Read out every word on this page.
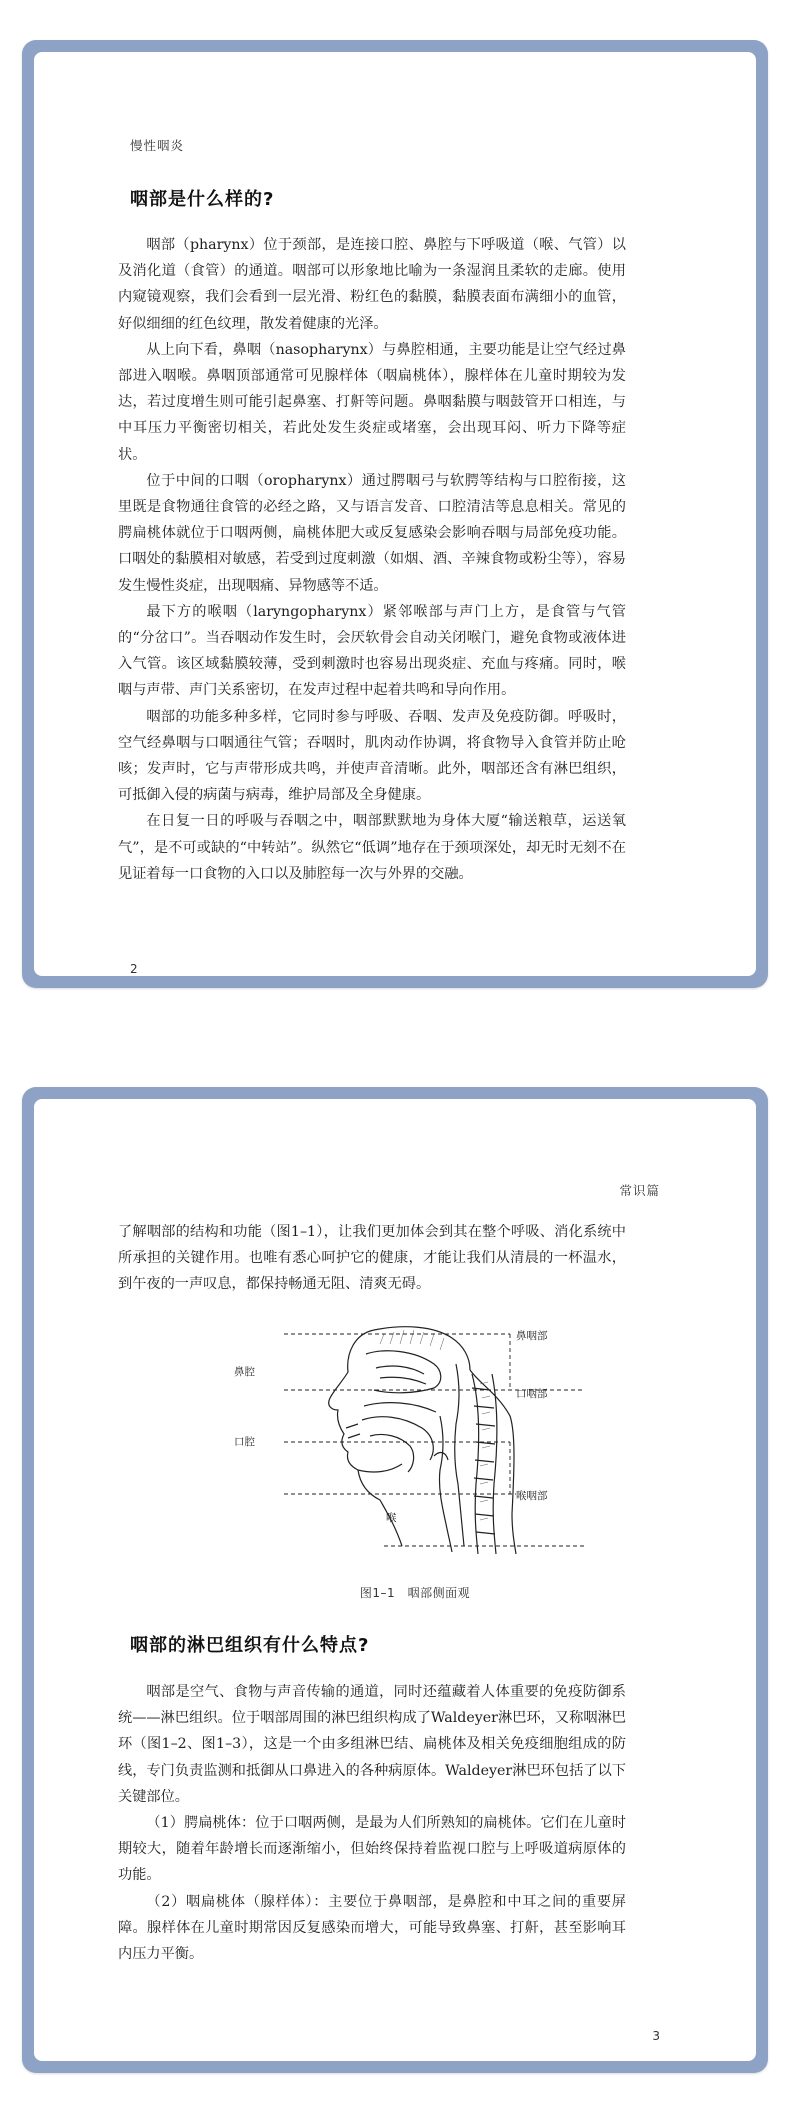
慢性咽炎
咽部是什么样的?

咽部（pharynx）位于颈部，是连接口腔、鼻腔与下呼吸道（喉、气管）以及消化道（食管）的通道。咽部可以形象地比喻为一条湿润且柔软的走廊。使用内窥镜观察，我们会看到一层光滑、粉红色的黏膜，黏膜表面布满细小的血管，好似细细的红色纹理，散发着健康的光泽。

从上向下看，鼻咽（nasopharynx）与鼻腔相通，主要功能是让空气经过鼻部进入咽喉。鼻咽顶部通常可见腺样体（咽扁桃体），腺样体在儿童时期较为发达，若过度增生则可能引起鼻塞、打鼾等问题。鼻咽黏膜与咽鼓管开口相连，与中耳压力平衡密切相关，若此处发生炎症或堵塞，会出现耳闷、听力下降等症状。

位于中间的口咽（oropharynx）通过腭咽弓与软腭等结构与口腔衔接，这里既是食物通往食管的必经之路，又与语言发音、口腔清洁等息息相关。常见的腭扁桃体就位于口咽两侧，扁桃体肥大或反复感染会影响吞咽与局部免疫功能。口咽处的黏膜相对敏感，若受到过度刺激（如烟、酒、辛辣食物或粉尘等），容易发生慢性炎症，出现咽痛、异物感等不适。

最下方的喉咽（laryngopharynx）紧邻喉部与声门上方，是食管与气管的“分岔口”。当吞咽动作发生时，会厌软骨会自动关闭喉门，避免食物或液体进入气管。该区域黏膜较薄，受到刺激时也容易出现炎症、充血与疼痛。同时，喉咽与声带、声门关系密切，在发声过程中起着共鸣和导向作用。

咽部的功能多种多样，它同时参与呼吸、吞咽、发声及免疫防御。呼吸时，空气经鼻咽与口咽通往气管；吞咽时，肌肉动作协调，将食物导入食管并防止呛咳；发声时，它与声带形成共鸣，并使声音清晰。此外，咽部还含有淋巴组织，可抵御入侵的病菌与病毒，维护局部及全身健康。

在日复一日的呼吸与吞咽之中，咽部默默地为身体大厦“输送粮草，运送氧气”，是不可或缺的“中转站”。纵然它“低调”地存在于颈项深处，却无时无刻不在见证着每一口食物的入口以及肺腔每一次与外界的交融。

2
常识篇

了解咽部的结构和功能（图1–1），让我们更加体会到其在整个呼吸、消化系统中所承担的关键作用。也唯有悉心呵护它的健康，才能让我们从清晨的一杯温水，到午夜的一声叹息，都保持畅通无阻、清爽无碍。

鼻咽部
鼻腔
口咽部
口腔
喉咽部
喉
图1–1　咽部侧面观
咽部的淋巴组织有什么特点?

咽部是空气、食物与声音传输的通道，同时还蕴藏着人体重要的免疫防御系统——淋巴组织。位于咽部周围的淋巴组织构成了Waldeyer淋巴环，又称咽淋巴环（图1–2、图1–3），这是一个由多组淋巴结、扁桃体及相关免疫细胞组成的防线，专门负责监测和抵御从口鼻进入的各种病原体。Waldeyer淋巴环包括了以下关键部位。

（1）腭扁桃体：位于口咽两侧，是最为人们所熟知的扁桃体。它们在儿童时期较大，随着年龄增长而逐渐缩小，但始终保持着监视口腔与上呼吸道病原体的功能。

（2）咽扁桃体（腺样体）：主要位于鼻咽部，是鼻腔和中耳之间的重要屏障。腺样体在儿童时期常因反复感染而增大，可能导致鼻塞、打鼾，甚至影响耳内压力平衡。

3
